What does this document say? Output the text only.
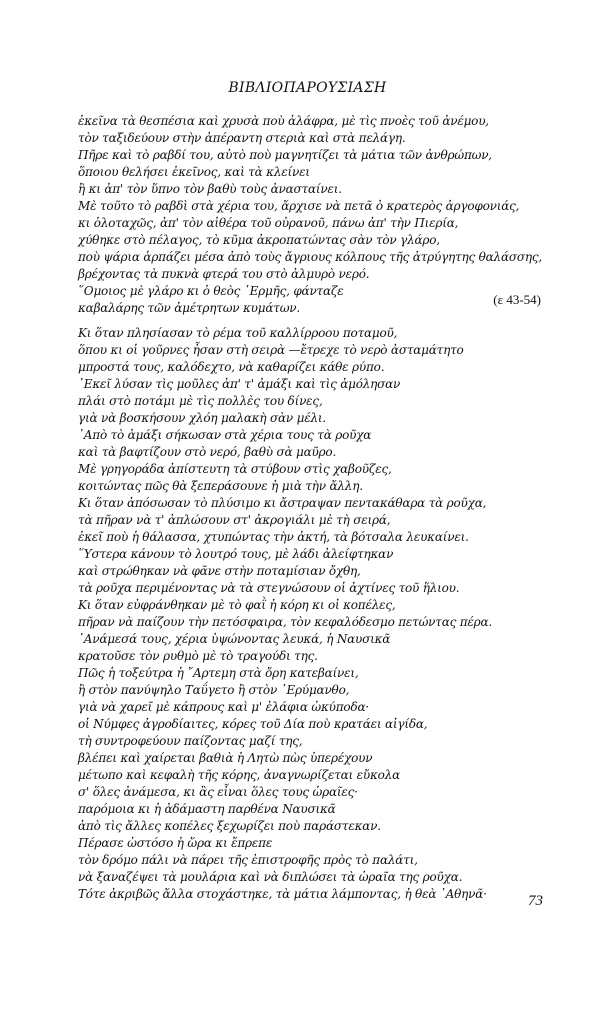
ΒΙΒΛΙΟΠΑΡΟΥΣΙΑΣΗ
ἐκεῖνα τὰ θεσπέσια καὶ χρυσὰ ποὺ ἀλάφρα, μὲ τὶς πνοὲς τοῦ ἀνέμου,
τὸν ταξιδεύουν στὴν ἀπέραντη στεριὰ καὶ στὰ πελάγη.
Πῆρε καὶ τὸ ραβδί του, αὐτὸ ποὺ μαγνητίζει τὰ μάτια τῶν ἀνθρώπων,
ὅποιου θελήσει ἐκεῖνος, καὶ τὰ κλείνει
ἢ κι ἀπ' τὸν ὕπνο τὸν βαθὺ τοὺς ἀνασταίνει.
Μὲ τοῦτο τὸ ραβδὶ στὰ χέρια του, ἄρχισε νὰ πετᾶ ὁ κρατερὸς ἀργοφονιάς,
κι ὁλοταχῶς, ἀπ' τὸν αἰθέρα τοῦ οὐρανοῦ, πάνω ἀπ' τὴν Πιερία,
χύθηκε στὸ πέλαγος, τὸ κῦμα ἀκροπατώντας σὰν τὸν γλάρο,
ποὺ ψάρια ἁρπάζει μέσα ἀπὸ τοὺς ἄγριους κόλπους τῆς ἀτρύγητης θαλάσσης,
βρέχοντας τὰ πυκνὰ φτερά του στὸ ἁλμυρὸ νερό.
῞Ομοιος μὲ γλάρο κι ὁ θεὸς ῾Ερμῆς, φάνταζε
καβαλάρης τῶν ἀμέτρητων κυμάτων.
(ε 43-54)
Κι ὅταν πλησίασαν τὸ ρέμα τοῦ καλλίρροου ποταμοῦ,
ὅπου κι οἱ γοῦρνες ἦσαν στὴ σειρὰ —ἔτρεχε τὸ νερὸ ἀσταμάτητο
μπροστά τους, καλόδεχτο, νὰ καθαρίζει κάθε ρύπο.
᾿Εκεῖ λύσαν τὶς μοῦλες ἀπ' τ' ἀμάξι καὶ τὶς ἀμόλησαν
πλάι στὸ ποτάμι μὲ τὶς πολλὲς του δίνες,
γιὰ νὰ βοσκήσουν χλόη μαλακὴ σὰν μέλι.
᾿Απὸ τὸ ἁμάξι σήκωσαν στὰ χέρια τους τὰ ροῦχα
καὶ τὰ βαφτίζουν στὸ νερό, βαθὺ σὰ μαῦρο.
Μὲ γρηγοράδα ἀπίστευτη τὰ στύβουν στὶς χαβοῦζες,
κοιτώντας πῶς θὰ ξεπεράσουνε ἡ μιὰ τὴν ἄλλη.
Κι ὅταν ἀπόσωσαν τὸ πλύσιμο κι ἄστραψαν πεντακάθαρα τὰ ροῦχα,
τὰ πῆραν νὰ τ' ἁπλώσουν στ' ἀκρογιάλι μὲ τὴ σειρά,
ἐκεῖ ποὺ ἡ θάλασσα, χτυπώντας τὴν ἀκτή, τὰ βότσαλα λευκαίνει.
῞Υστερα κάνουν τὸ λουτρό τους, μὲ λάδι ἀλείφτηκαν
καὶ στρώθηκαν νὰ φᾶνε στὴν ποταμίσιαν ὄχθη,
τὰ ροῦχα περιμένοντας νὰ τὰ στεγνώσουν οἱ ἀχτίνες τοῦ ἥλιου.
Κι ὅταν εὐφράνθηκαν μὲ τὸ φαῒ ἡ κόρη κι οἱ κοπέλες,
πῆραν νὰ παίζουν τὴν πετόσφαιρα, τὸν κεφαλόδεσμο πετώντας πέρα.
᾿Ανάμεσά τους, χέρια ὑψώνοντας λευκά, ἡ Ναυσικᾶ
κρατοῦσε τὸν ρυθμὸ μὲ τὸ τραγούδι της.
Πῶς ἡ τοξεύτρα ἡ ῎Αρτεμη στὰ ὄρη κατεβαίνει,
ἢ στὸν πανύψηλο Ταΰγετο ἢ στὸν ᾿Ερύμανθο,
γιὰ νὰ χαρεῖ μὲ κάπρους καὶ μ' ἐλάφια ὠκύποδα·
οἱ Νύμφες ἀγροδίαιτες, κόρες τοῦ Δία ποὺ κρατάει αἰγίδα,
τὴ συντροφεύουν παίζοντας μαζί της,
βλέπει καὶ χαίρεται βαθιὰ ἡ Λητὼ πὼς ὑπερέχουν
μέτωπο καὶ κεφαλὴ τῆς κόρης, ἀναγνωρίζεται εὔκολα
σ' ὅλες ἀνάμεσα, κι ἂς εἶναι ὅλες τους ὡραῖες·
παρόμοια κι ἡ ἀδάμαστη παρθένα Ναυσικᾶ
ἀπὸ τὶς ἄλλες κοπέλες ξεχωρίζει ποὺ παράστεκαν.
Πέρασε ὡστόσο ἡ ὥρα κι ἔπρεπε
τὸν δρόμο πάλι νὰ πάρει τῆς ἐπιστροφῆς πρὸς τὸ παλάτι,
νὰ ξαναζέψει τὰ μουλάρια καὶ νὰ διπλώσει τὰ ὡραῖα της ροῦχα.
Τότε ἀκριβῶς ἄλλα στοχάστηκε, τὰ μάτια λάμποντας, ἡ θεὰ ᾿Αθηνᾶ·	73
